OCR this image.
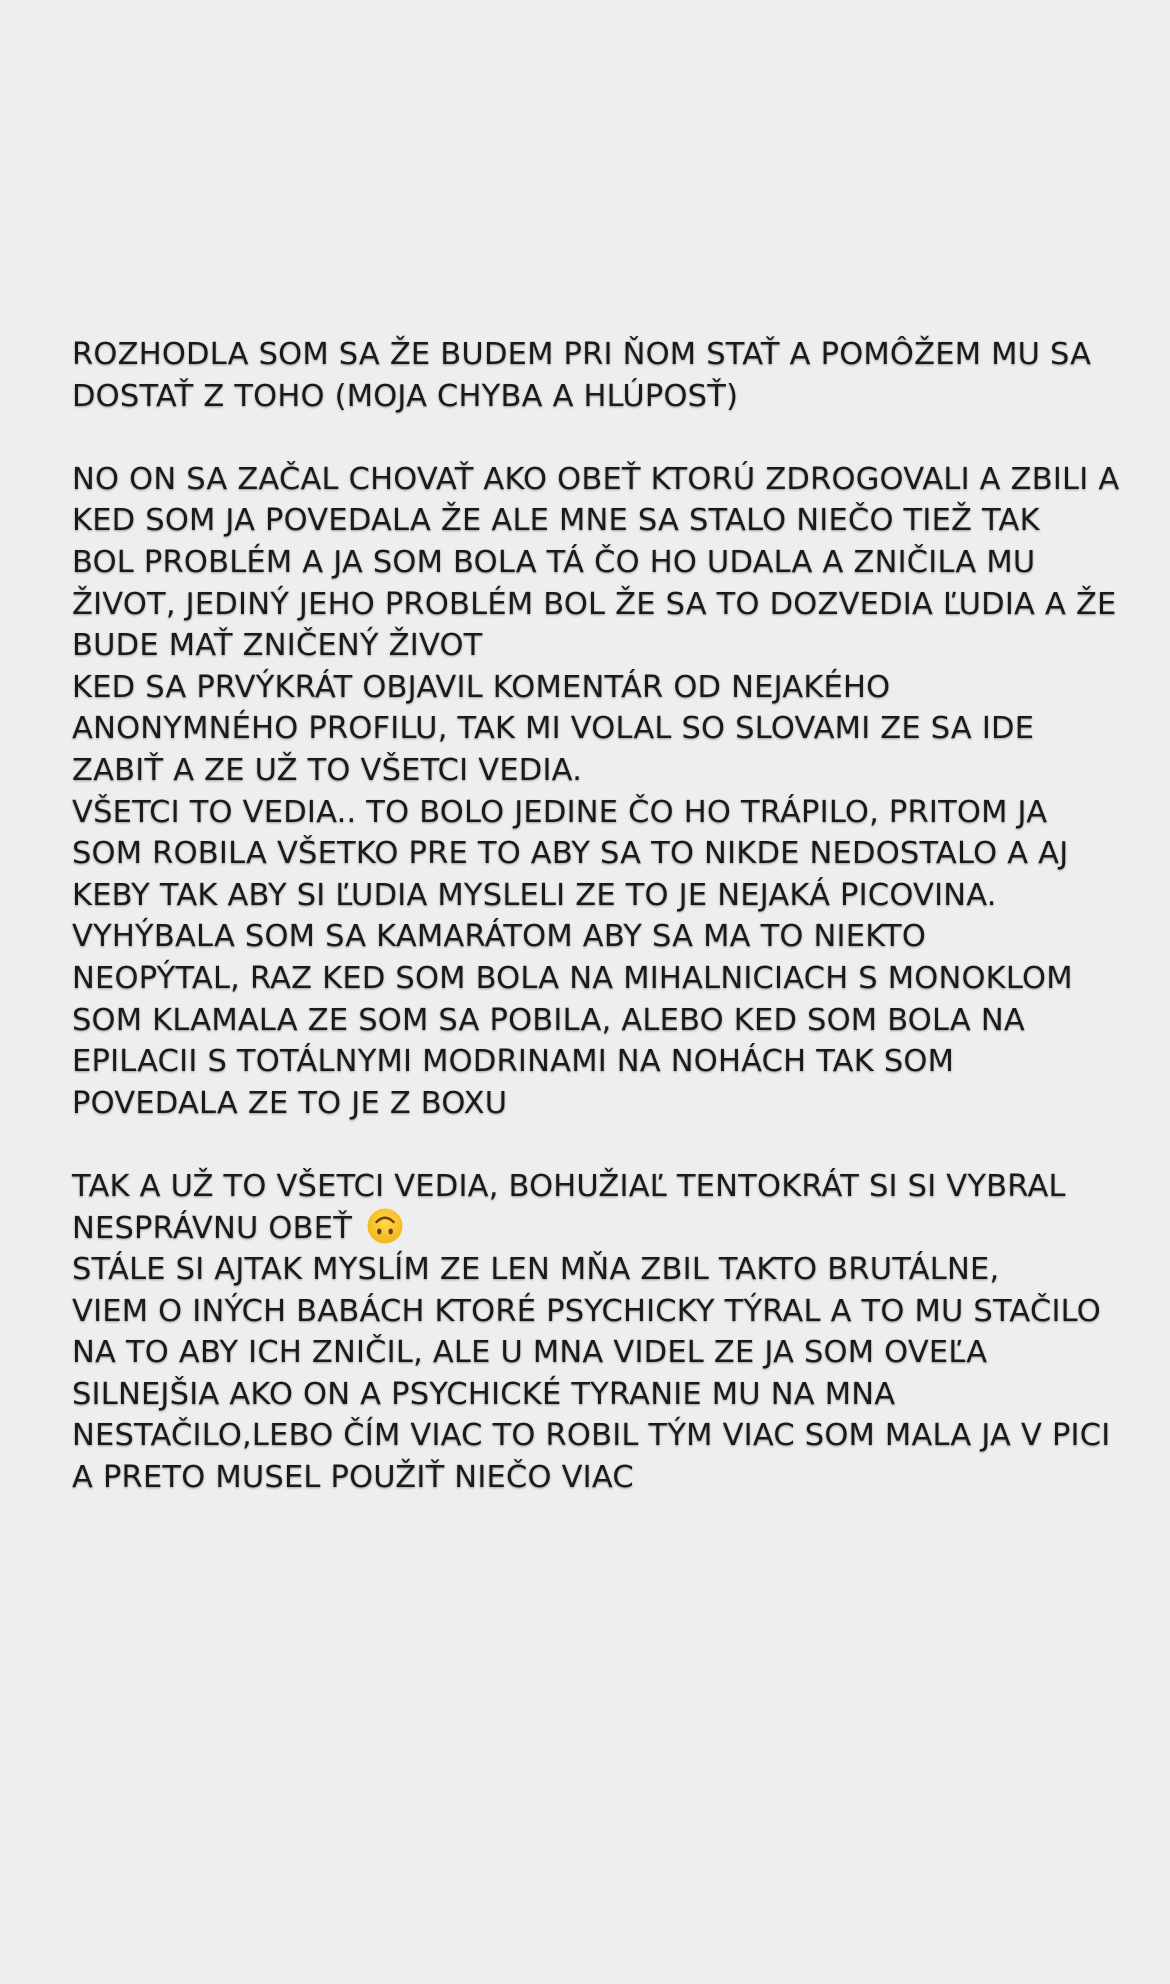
ROZHODLA SOM SA ŽE BUDEM PRI ŇOM STAŤ A POMÔŽEM MU SA
DOSTAŤ Z TOHO (MOJA CHYBA A HLÚPOSŤ)
NO ON SA ZAČAL CHOVAŤ AKO OBEŤ KTORÚ ZDROGOVALI A ZBILI A
KED SOM JA POVEDALA ŽE ALE MNE SA STALO NIEČO TIEŽ TAK
BOL PROBLÉM A JA SOM BOLA TÁ ČO HO UDALA A ZNIČILA MU
ŽIVOT, JEDINÝ JEHO PROBLÉM BOL ŽE SA TO DOZVEDIA ĽUDIA A ŽE
BUDE MAŤ ZNIČENÝ ŽIVOT
KED SA PRVÝKRÁT OBJAVIL KOMENTÁR OD NEJAKÉHO
ANONYMNÉHO PROFILU, TAK MI VOLAL SO SLOVAMI ZE SA IDE
ZABIŤ A ZE UŽ TO VŠETCI VEDIA.
VŠETCI TO VEDIA.. TO BOLO JEDINE ČO HO TRÁPILO, PRITOM JA
SOM ROBILA VŠETKO PRE TO ABY SA TO NIKDE NEDOSTALO A AJ
KEBY TAK ABY SI ĽUDIA MYSLELI ZE TO JE NEJAKÁ PICOVINA.
VYHÝBALA SOM SA KAMARÁTOM ABY SA MA TO NIEKTO
NEOPÝTAL, RAZ KED SOM BOLA NA MIHALNICIACH S MONOKLOM
SOM KLAMALA ZE SOM SA POBILA, ALEBO KED SOM BOLA NA
EPILACII S TOTÁLNYMI MODRINAMI NA NOHÁCH TAK SOM
POVEDALA ZE TO JE Z BOXU
TAK A UŽ TO VŠETCI VEDIA, BOHUŽIAĽ TENTOKRÁT SI SI VYBRAL
NESPRÁVNU OBEŤ
STÁLE SI AJTAK MYSLÍM ZE LEN MŇA ZBIL TAKTO BRUTÁLNE,
VIEM O INÝCH BABÁCH KTORÉ PSYCHICKY TÝRAL A TO MU STAČILO
NA TO ABY ICH ZNIČIL, ALE U MNA VIDEL ZE JA SOM OVEĽA
SILNEJŠIA AKO ON A PSYCHICKÉ TYRANIE MU NA MNA
NESTAČILO,LEBO ČÍM VIAC TO ROBIL TÝM VIAC SOM MALA JA V PICI
A PRETO MUSEL POUŽIŤ NIEČO VIAC
